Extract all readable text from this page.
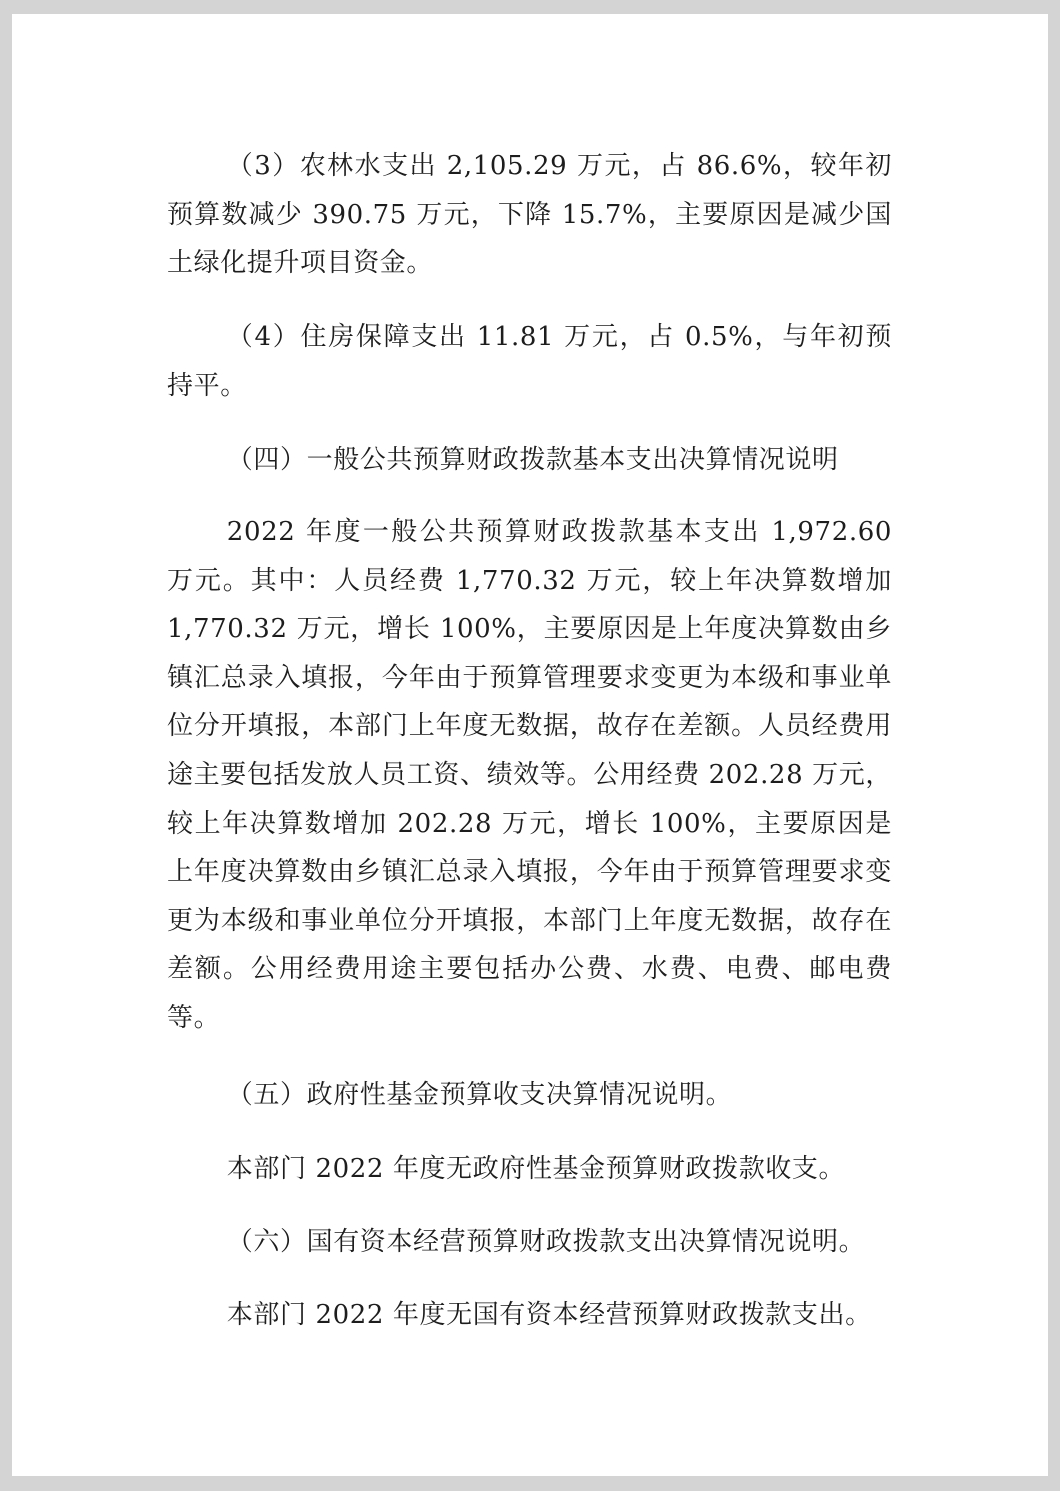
（3）农林水支出 2,105.29 万元，占 86.6%，较年初预算数减少 390.75 万元，下降 15.7%，主要原因是减少国土绿化提升项目资金。

（4）住房保障支出 11.81 万元，占 0.5%，与年初预持平。

（四）一般公共预算财政拨款基本支出决算情况说明

2022 年度一般公共预算财政拨款基本支出 1,972.60 万元。其中：人员经费 1,770.32 万元，较上年决算数增加 1,770.32 万元，增长 100%，主要原因是上年度决算数由乡镇汇总录入填报，今年由于预算管理要求变更为本级和事业单位分开填报，本部门上年度无数据，故存在差额。人员经费用途主要包括发放人员工资、绩效等。公用经费 202.28 万元，较上年决算数增加 202.28 万元，增长 100%，主要原因是上年度决算数由乡镇汇总录入填报，今年由于预算管理要求变更为本级和事业单位分开填报，本部门上年度无数据，故存在差额。公用经费用途主要包括办公费、水费、电费、邮电费等。

（五）政府性基金预算收支决算情况说明。

本部门 2022 年度无政府性基金预算财政拨款收支。

（六）国有资本经营预算财政拨款支出决算情况说明。

本部门 2022 年度无国有资本经营预算财政拨款支出。
